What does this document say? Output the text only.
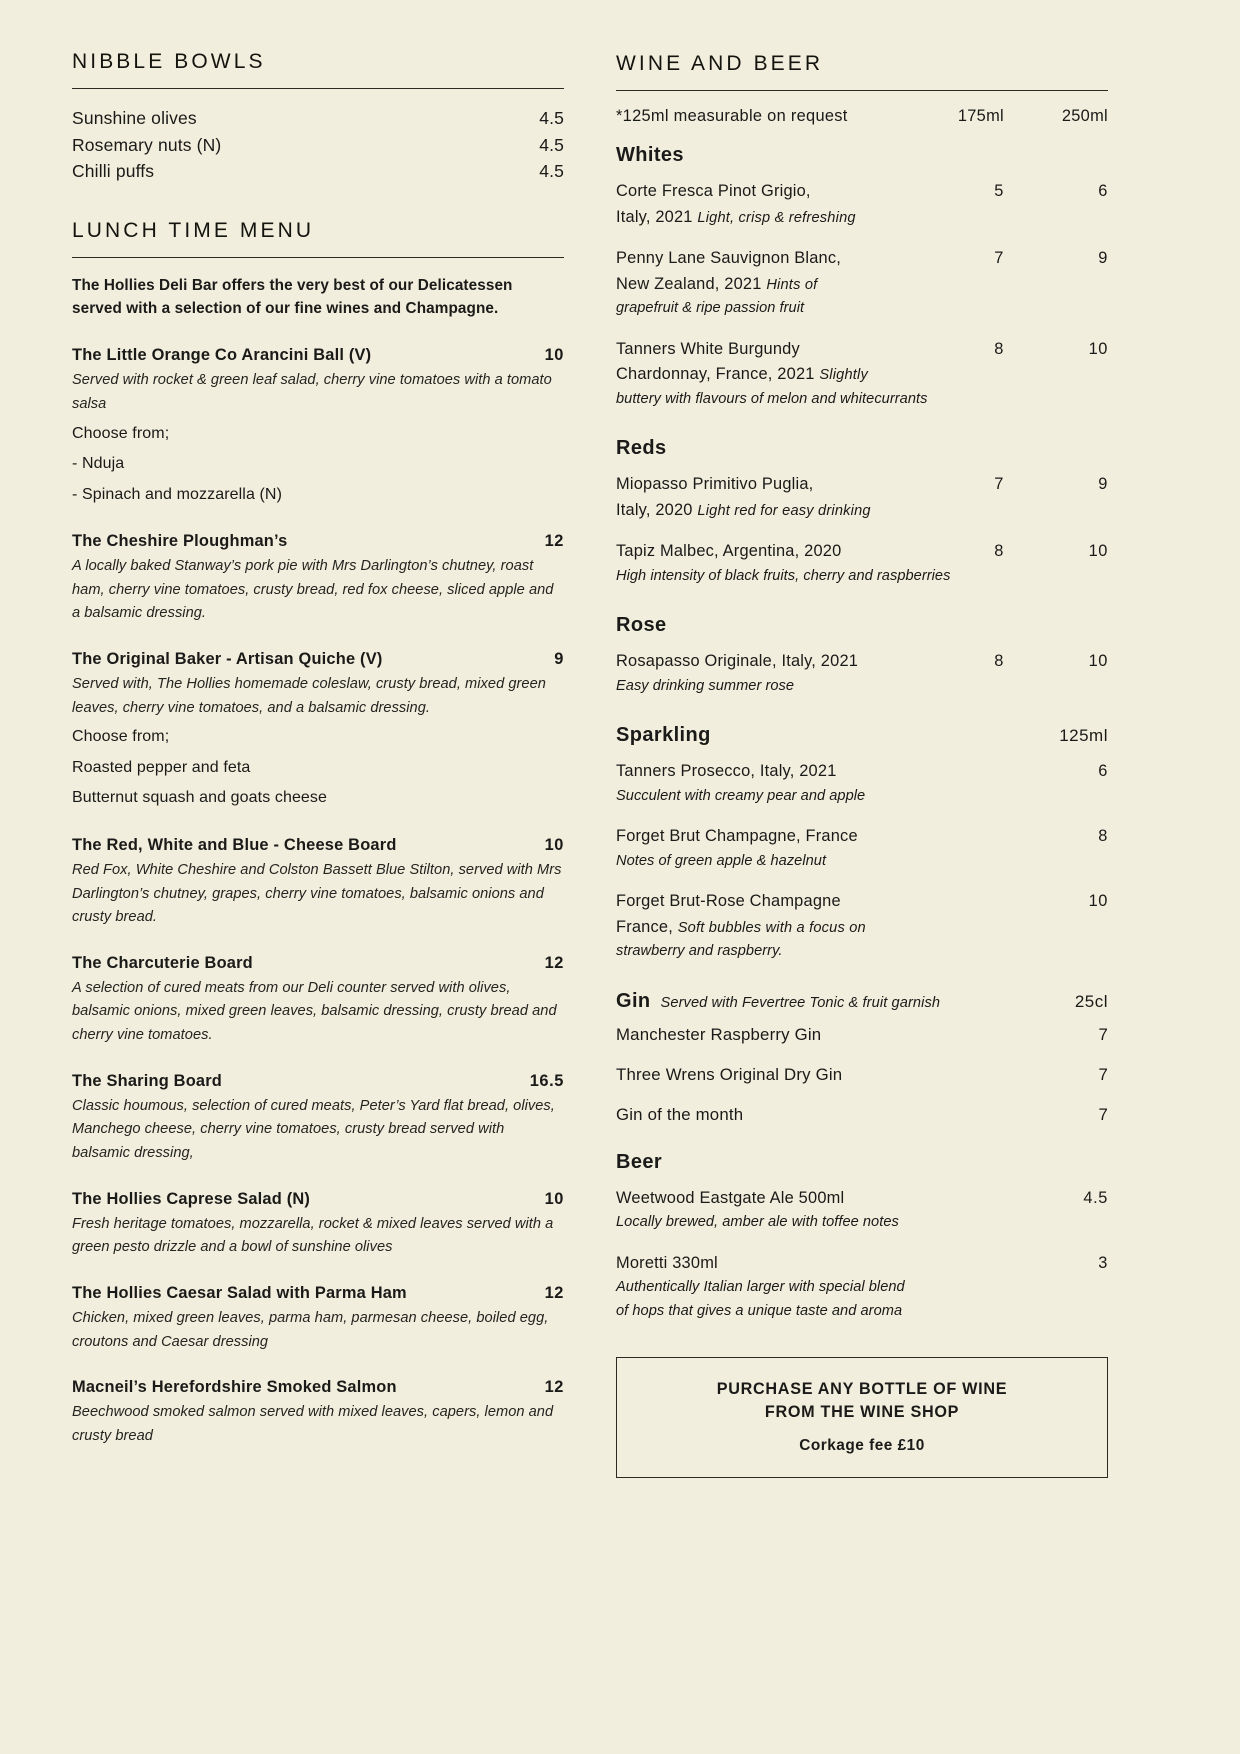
NIBBLE BOWLS
Sunshine olives	4.5
Rosemary nuts (N)	4.5
Chilli puffs	4.5
LUNCH TIME MENU

The Hollies Deli Bar offers the very best of our Delicatessen served with a selection of our fine wines and Champagne.

The Little Orange Co Arancini Ball (V)	10
Served with rocket & green leaf salad, cherry vine tomatoes with a tomato salsa
Choose from;
- Nduja
- Spinach and mozzarella (N)
The Cheshire Ploughman’s	12
A locally baked Stanway’s pork pie with Mrs Darlington’s chutney, roast ham, cherry vine tomatoes, crusty bread, red fox cheese, sliced apple and a balsamic dressing.
The Original Baker - Artisan Quiche (V)	9
Served with, The Hollies homemade coleslaw, crusty bread, mixed green leaves, cherry vine tomatoes, and a balsamic dressing.
Choose from;
Roasted pepper and feta
Butternut squash and goats cheese
The Red, White and Blue - Cheese Board	10
Red Fox, White Cheshire and Colston Bassett Blue Stilton, served with Mrs Darlington’s chutney, grapes, cherry vine tomatoes, balsamic onions and crusty bread.
The Charcuterie Board	12
A selection of cured meats from our Deli counter served with olives, balsamic onions, mixed green leaves, balsamic dressing, crusty bread and cherry vine tomatoes.
The Sharing Board	16.5
Classic houmous, selection of cured meats, Peter’s Yard flat bread, olives, Manchego cheese, cherry vine tomatoes, crusty bread served with balsamic dressing,
The Hollies Caprese Salad (N)	10
Fresh heritage tomatoes, mozzarella, rocket & mixed leaves served with a green pesto drizzle and a bowl of sunshine olives
The Hollies Caesar Salad with Parma Ham	12
Chicken, mixed green leaves, parma ham, parmesan cheese, boiled egg, croutons and Caesar dressing
Macneil’s Herefordshire Smoked Salmon	12
Beechwood smoked salmon served with mixed leaves, capers, lemon and crusty bread
WINE AND BEER
*125ml measurable on request	175ml	250ml
Whites
Corte Fresca Pinot Grigio,	5	6
Italy, 2021 Light, crisp & refreshing
Penny Lane Sauvignon Blanc,	7	9
New Zealand, 2021 Hints of
grapefruit & ripe passion fruit
Tanners White Burgundy	8	10
Chardonnay, France, 2021 Slightly
buttery with flavours of melon and whitecurrants
Reds
Miopasso Primitivo Puglia,	7	9
Italy, 2020 Light red for easy drinking
Tapiz Malbec, Argentina, 2020	8	10
High intensity of black fruits, cherry and raspberries
Rose
Rosapasso Originale, Italy, 2021	8	10
Easy drinking summer rose
Sparkling	125ml
Tanners Prosecco, Italy, 2021	6
Succulent with creamy pear and apple
Forget Brut Champagne, France	8
Notes of green apple & hazelnut
Forget Brut-Rose Champagne	10
France, Soft bubbles with a focus on
strawberry and raspberry.
Gin Served with Fevertree Tonic & fruit garnish	25cl
Manchester Raspberry Gin	7
Three Wrens Original Dry Gin	7
Gin of the month	7
Beer
Weetwood Eastgate Ale 500ml	4.5
Locally brewed, amber ale with toffee notes
Moretti 330ml	3
Authentically Italian larger with special blend
of hops that gives a unique taste and aroma
PURCHASE ANY BOTTLE OF WINE
FROM THE WINE SHOP
Corkage fee £10
